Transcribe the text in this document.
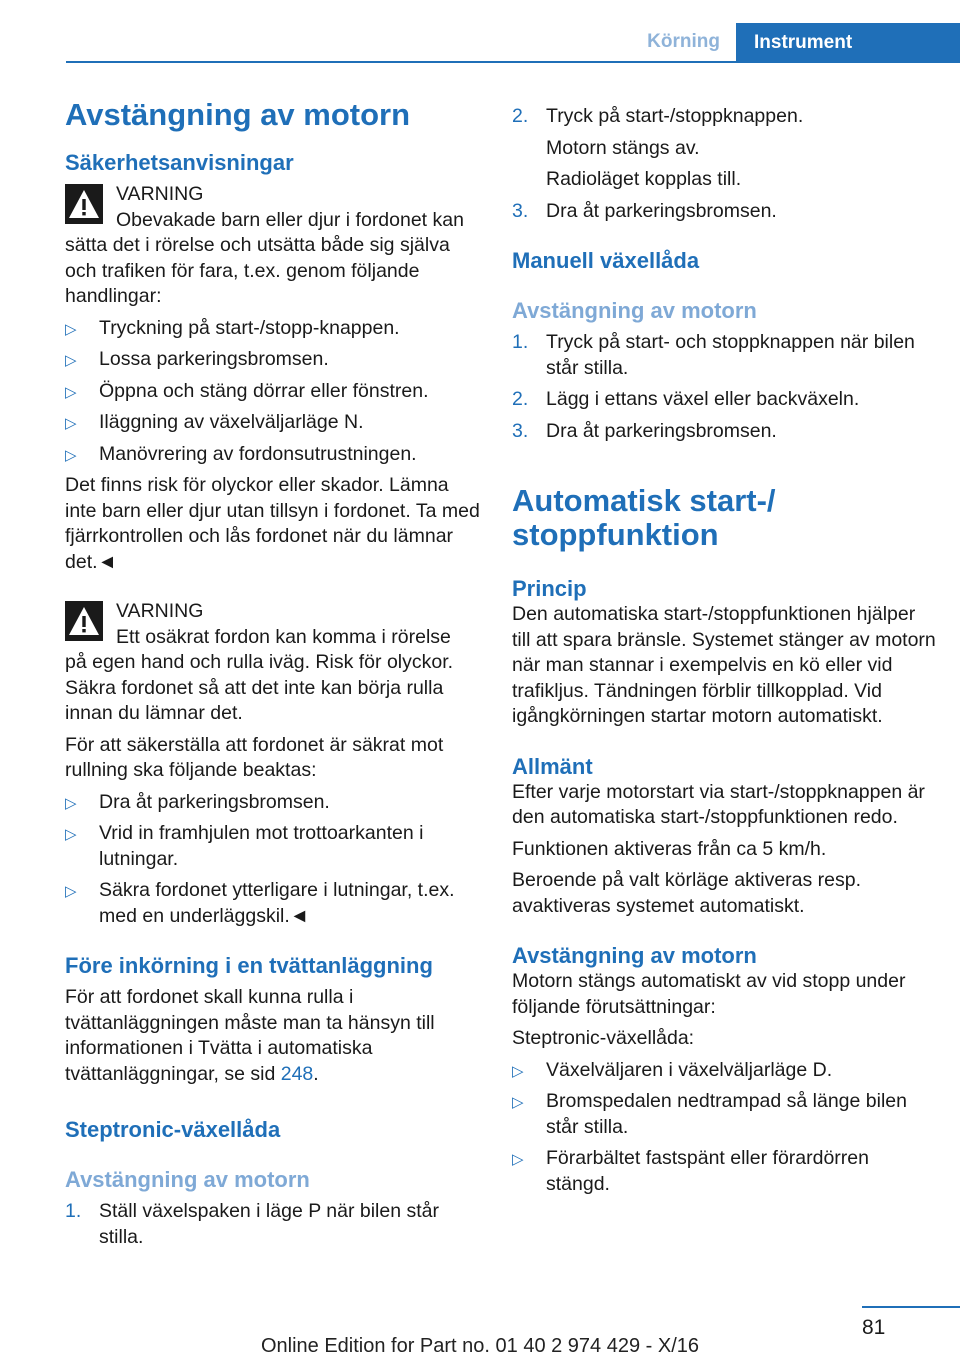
Körning	Instrument
Avstängning av motorn
Säkerhetsanvisningar
VARNING
Obevakade barn eller djur i fordonet kan
sätta det i rörelse och utsätta både sig själva och trafiken för fara, t.ex. genom följande handlingar:
▷ Tryckning på start-/stopp-knappen.
▷ Lossa parkeringsbromsen.
▷ Öppna och stäng dörrar eller fönstren.
▷ Iläggning av växelväljarläge N.
▷ Manövrering av fordonsutrustningen.

Det finns risk för olyckor eller skador. Lämna inte barn eller djur utan tillsyn i fordonet. Ta med fjärrkontrollen och lås fordonet när du lämnar det.◄

VARNING
Ett osäkrat fordon kan komma i rörelse
på egen hand och rulla iväg. Risk för olyckor. Säkra fordonet så att det inte kan börja rulla innan du lämnar det.

För att säkerställa att fordonet är säkrat mot rullning ska följande beaktas:

▷ Dra åt parkeringsbromsen.
▷ Vrid in framhjulen mot trottoarkanten i lutningar.
▷ Säkra fordonet ytterligare i lutningar, t.ex. med en underläggskil.◄
Före inkörning i en tvättanläggning

För att fordonet skall kunna rulla i tvättanläggningen måste man ta hänsyn till informationen i Tvätta i automatiska tvättanläggningar, se sid 248.

Steptronic-växellåda
Avstängning av motorn
1. Ställ växelspaken i läge P när bilen står stilla.
2. Tryck på start-/stoppknappen.
Motorn stängs av.
Radioläget kopplas till.
3. Dra åt parkeringsbromsen.
Manuell växellåda
Avstängning av motorn
1. Tryck på start- och stoppknappen när bilen står stilla.
2. Lägg i ettans växel eller backväxeln.
3. Dra åt parkeringsbromsen.
Automatisk start-/ stoppfunktion
Princip

Den automatiska start-/stoppfunktionen hjälper till att spara bränsle. Systemet stänger av motorn när man stannar i exempelvis en kö eller vid trafikljus. Tändningen förblir tillkopplad. Vid igångkörningen startar motorn automatiskt.

Allmänt

Efter varje motorstart via start-/stoppknappen är den automatiska start-/stoppfunktionen redo.

Funktionen aktiveras från ca 5 km/h.

Beroende på valt körläge aktiveras resp. avaktiveras systemet automatiskt.

Avstängning av motorn

Motorn stängs automatiskt av vid stopp under följande förutsättningar:

Steptronic-växellåda:

▷ Växelväljaren i växelväljarläge D.
▷ Bromspedalen nedtrampad så länge bilen står stilla.
▷ Förarbältet fastspänt eller förardörren stängd.
81
Online Edition for Part no. 01 40 2 974 429 - X/16
